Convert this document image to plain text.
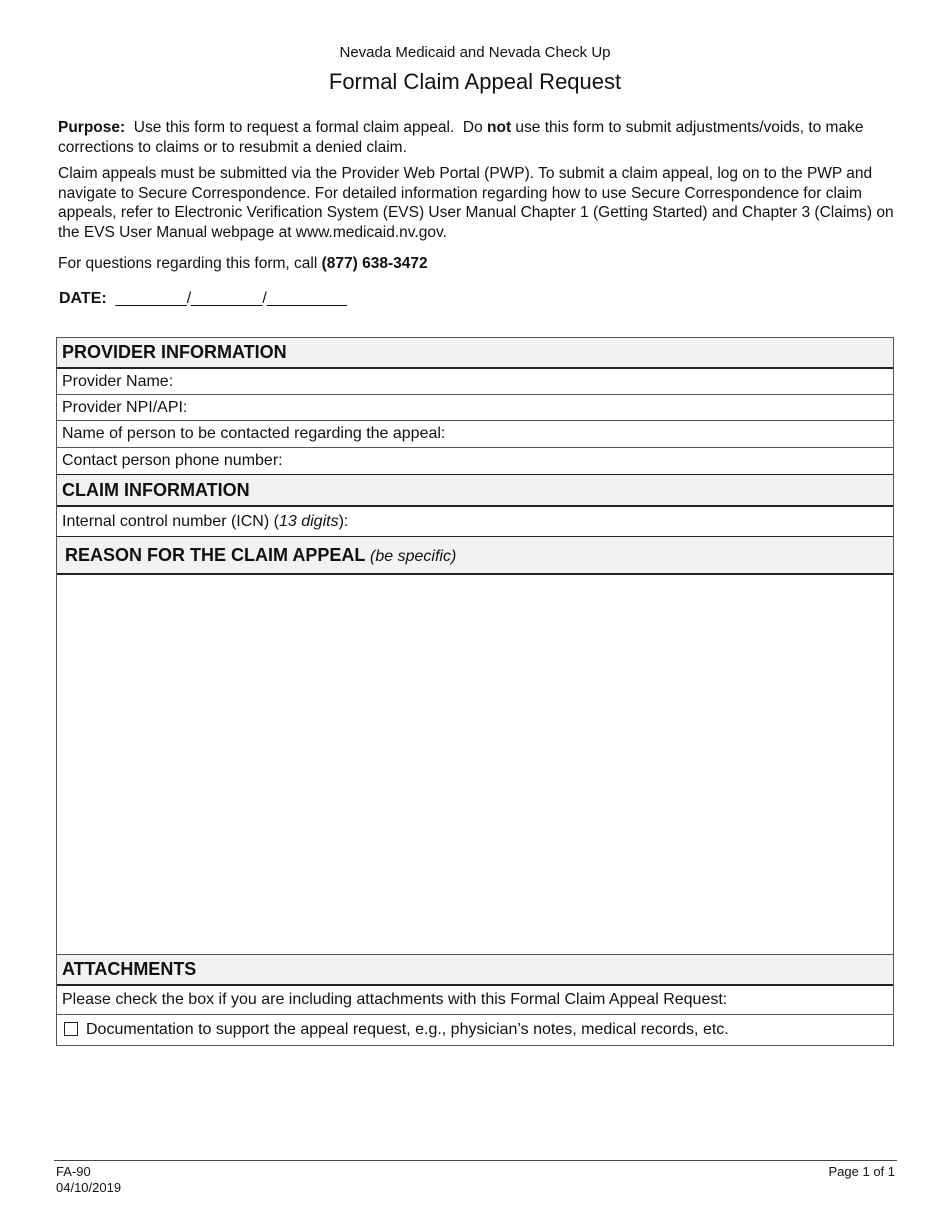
Nevada Medicaid and Nevada Check Up
Formal Claim Appeal Request
Purpose:  Use this form to request a formal claim appeal.  Do not use this form to submit adjustments/voids, to make corrections to claims or to resubmit a denied claim.
Claim appeals must be submitted via the Provider Web Portal (PWP). To submit a claim appeal, log on to the PWP and navigate to Secure Correspondence. For detailed information regarding how to use Secure Correspondence for claim appeals, refer to Electronic Verification System (EVS) User Manual Chapter 1 (Getting Started) and Chapter 3 (Claims) on the EVS User Manual webpage at www.medicaid.nv.gov.
For questions regarding this form, call (877) 638-3472
DATE: ________/________/_________
PROVIDER INFORMATION
Provider Name:
Provider NPI/API:
Name of person to be contacted regarding the appeal:
Contact person phone number:
CLAIM INFORMATION
Internal control number (ICN) (13 digits):
REASON FOR THE CLAIM APPEAL (be specific)
ATTACHMENTS
Please check the box if you are including attachments with this Formal Claim Appeal Request:
Documentation to support the appeal request, e.g., physician’s notes, medical records, etc.
FA-90
04/10/2019
Page 1 of 1
